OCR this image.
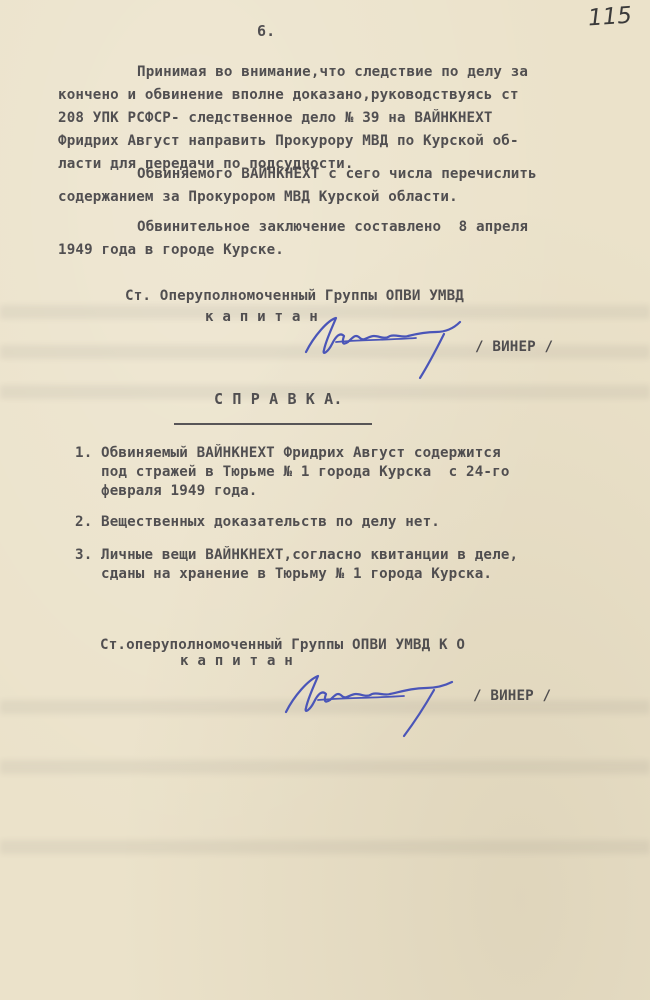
115
6.
Принимая во внимание,что следствие по делу за
кончено и обвинение вполне доказано,руководствуясь ст
208 УПК РСФСР- следственное дело № 39 на ВАЙНКНЕХТ
Фридрих Август направить Прокурору МВД по Курской об-
ласти для передачи по подсудности.
Обвиняемого ВАЙНКНЕХТ с сего числа перечислить
содержанием за Прокурором МВД Курской области.
Обвинительное заключение составлено  8 апреля
1949 года в городе Курске.
Ст. Оперуполномоченный Группы ОПВИ УМВД
к а п и т а н
/ ВИНЕР /
С П Р А В К А.
1. Обвиняемый ВАЙНКНЕХТ Фридрих Август содержится
под стражей в Тюрьме № 1 города Курска  с 24-го
февраля 1949 года.
2. Вещественных доказательств по делу нет.
3. Личные вещи ВАЙНКНЕХТ,согласно квитанции в деле,
сданы на хранение в Тюрьму № 1 города Курска.
Ст.оперуполномоченный Группы ОПВИ УМВД К О
к а п и т а н
/ ВИНЕР /
